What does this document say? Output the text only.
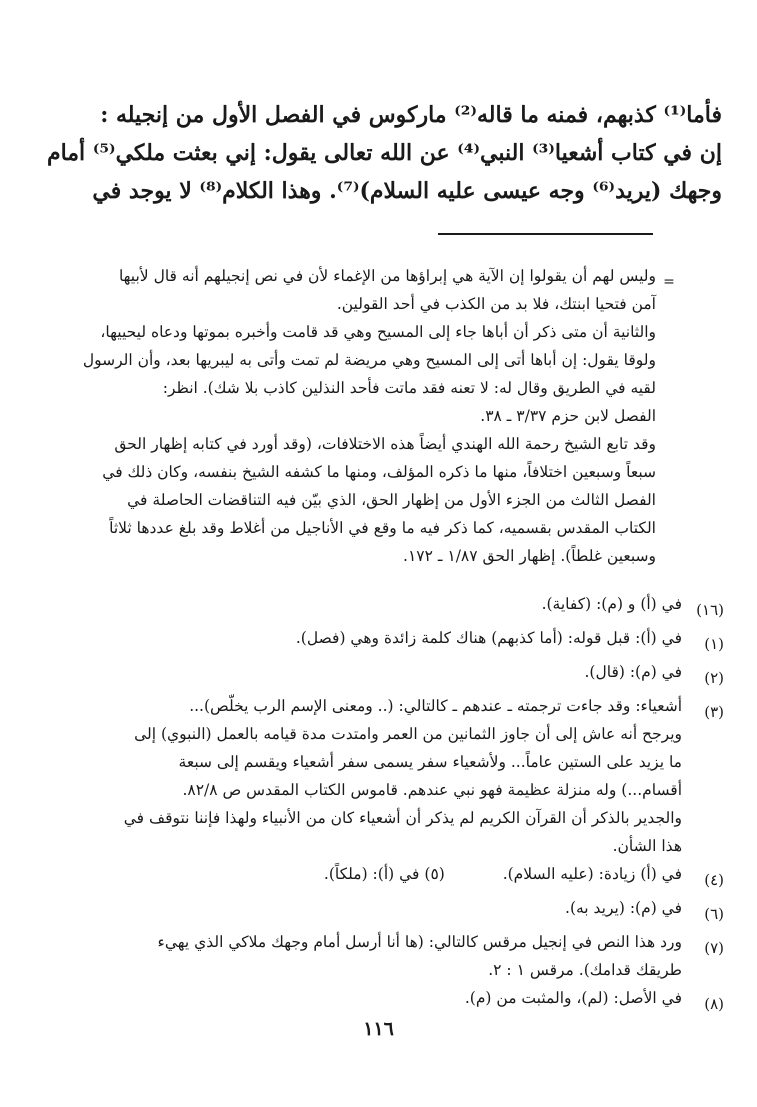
فأما⁽¹⁾ كذبهم، فمنه ما قاله⁽²⁾ ماركوس في الفصل الأول من إنجيله :

إن في كتاب أشعيا⁽³⁾ النبي⁽⁴⁾ عن الله تعالى يقول: إني بعثت ملكي⁽⁵⁾ أمام

وجهك (يريد⁽⁶⁾ وجه عيسى عليه السلام)⁽⁷⁾. وهذا الكلام⁽⁸⁾ لا يوجد في

=

وليس لهم أن يقولوا إن الآية هي إبراؤها من الإغماء لأن في نص إنجيلهم أنه قال لأبيها

آمن فتحيا ابنتك، فلا بد من الكذب في أحد القولين.

والثانية أن متى ذكر أن أباها جاء إلى المسيح وهي قد قامت وأخبره بموتها ودعاه ليحييها،

ولوقا يقول: إن أباها أتى إلى المسيح وهي مريضة لم تمت وأتى به ليبريها بعد، وأن الرسول

لقيه في الطريق وقال له: لا تعنه فقد ماتت فأحد النذلين كاذب بلا شك). انظر:

الفصل لابن حزم ٣/٣٧ ـ ٣٨.

وقد تابع الشيخ رحمة الله الهندي أيضاً هذه الاختلافات، (وقد أورد في كتابه إظهار الحق

سبعاً وسبعين اختلافاً، منها ما ذكره المؤلف، ومنها ما كشفه الشيخ بنفسه، وكان ذلك في

الفصل الثالث من الجزء الأول من إظهار الحق، الذي بيّن فيه التناقضات الحاصلة في

الكتاب المقدس بقسميه، كما ذكر فيه ما وقع في الأناجيل من أغلاط وقد بلغ عددها ثلاثاً

وسبعين غلطاً). إظهار الحق ١/٨٧ ـ ١٧٢.

(١٦)
في (أ) و (م): (كفاية).
(١)
في (أ): قبل قوله: (أما كذبهم) هناك كلمة زائدة وهي (فصل).
(٢)
في (م): (قال).
(٣)
أشعياء: وقد جاءت ترجمته ـ عندهم ـ كالتالي: (.. ومعنى الإسم الرب يخلّص)...
ويرجح أنه عاش إلى أن جاوز الثمانين من العمر وامتدت مدة قيامه بالعمل (النبوي) إلى
ما يزيد على الستين عاماً... ولأشعياء سفر يسمى سفر أشعياء ويقسم إلى سبعة
أقسام...) وله منزلة عظيمة فهو نبي عندهم. قاموس الكتاب المقدس ص ٨٢/٨.
والجدير بالذكر أن القرآن الكريم لم يذكر أن أشعياء كان من الأنبياء ولهذا فإننا نتوقف في
هذا الشأن.
(٤)
في (أ) زيادة: (عليه السلام).  (٥) في (أ): (ملكاً).
(٦)
في (م): (يريد به).
(٧)
ورد هذا النص في إنجيل مرقس كالتالي: (ها أنا أرسل أمام وجهك ملاكي الذي يهيء
طريقك قدامك). مرقس ١ : ٢.
(٨)
في الأصل: (لم)، والمثبت من (م).
١١٦
